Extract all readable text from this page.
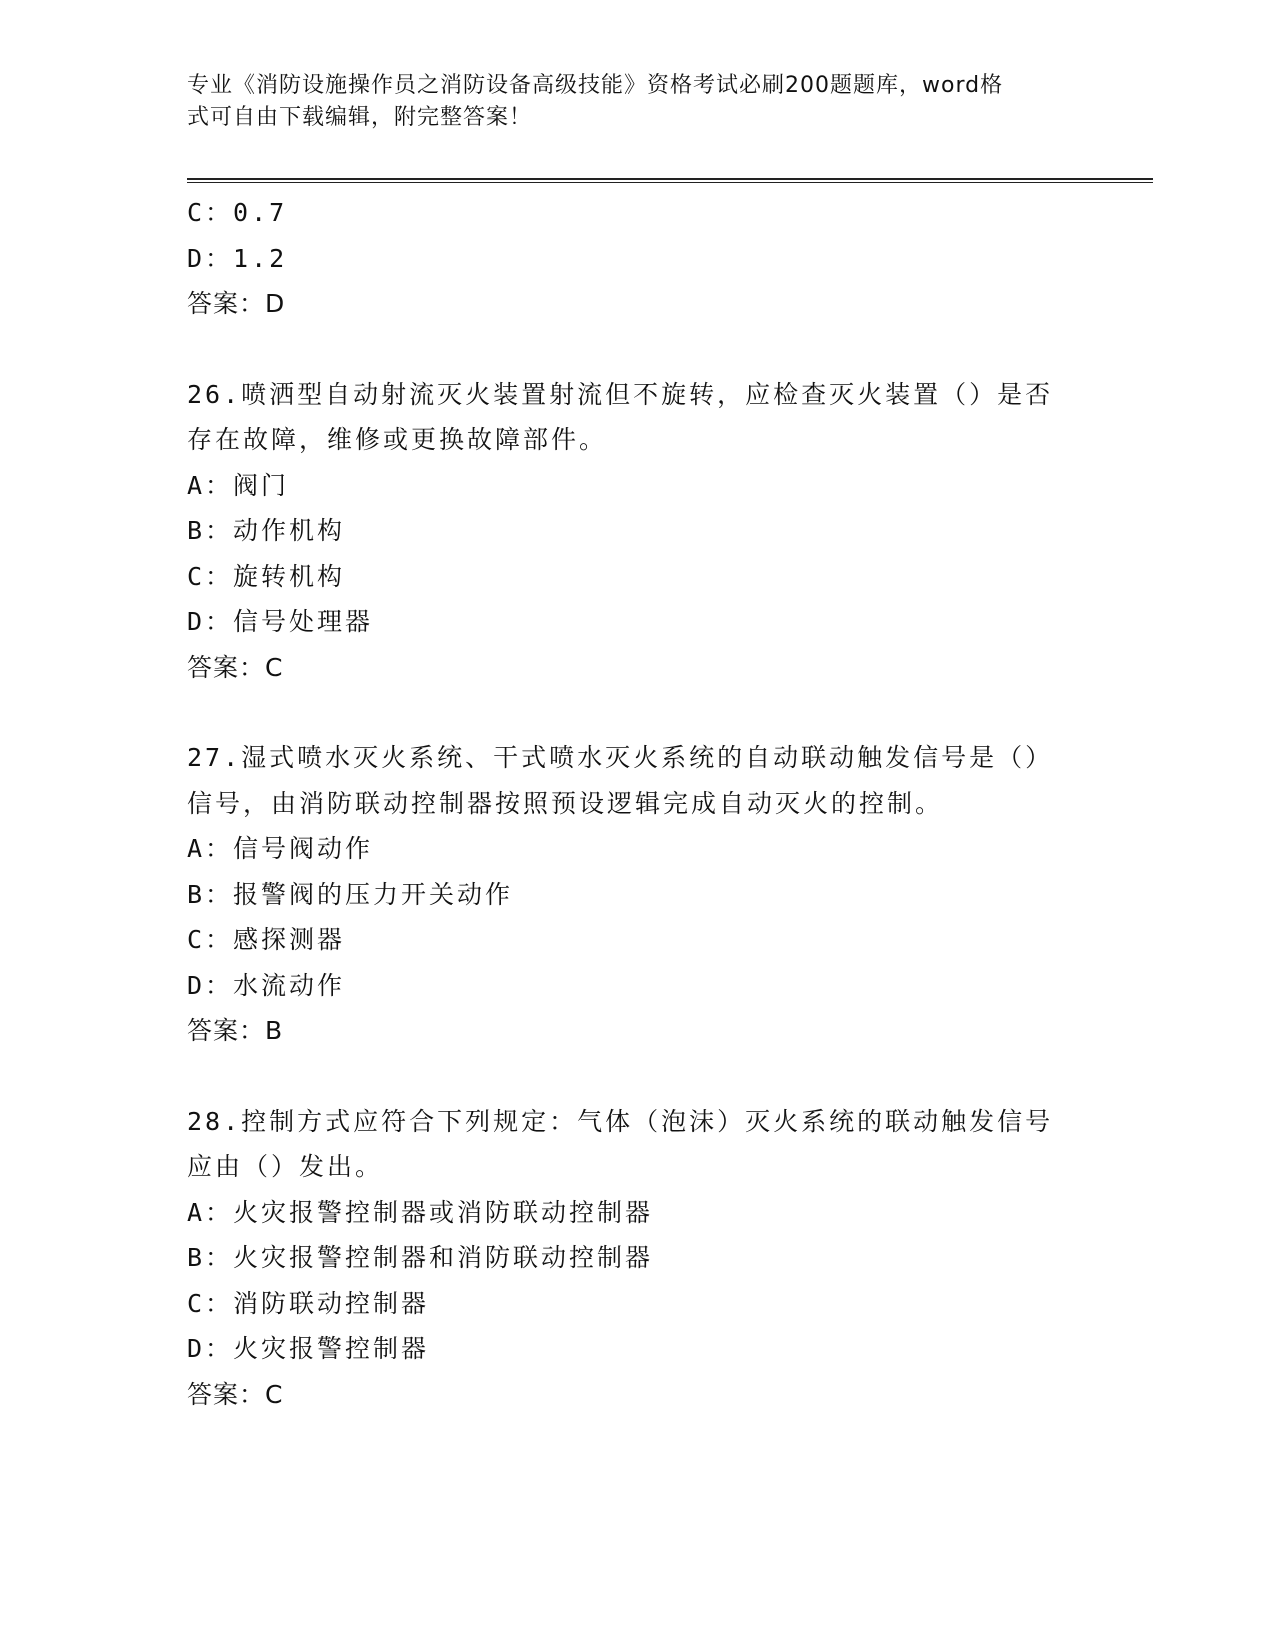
专业《消防设施操作员之消防设备高级技能》资格考试必刷200题题库，word格
式可自由下载编辑，附完整答案！
C：0.7
D：1.2
答案：D
26.喷洒型自动射流灭火装置射流但不旋转，应检查灭火装置（）是否
存在故障，维修或更换故障部件。
A：阀门
B：动作机构
C：旋转机构
D：信号处理器
答案：C
27.湿式喷水灭火系统、干式喷水灭火系统的自动联动触发信号是（）
信号，由消防联动控制器按照预设逻辑完成自动灭火的控制。
A：信号阀动作
B：报警阀的压力开关动作
C：感探测器
D：水流动作
答案：B
28.控制方式应符合下列规定：气体（泡沫）灭火系统的联动触发信号
应由（）发出。
A：火灾报警控制器或消防联动控制器
B：火灾报警控制器和消防联动控制器
C：消防联动控制器
D：火灾报警控制器
答案：C
